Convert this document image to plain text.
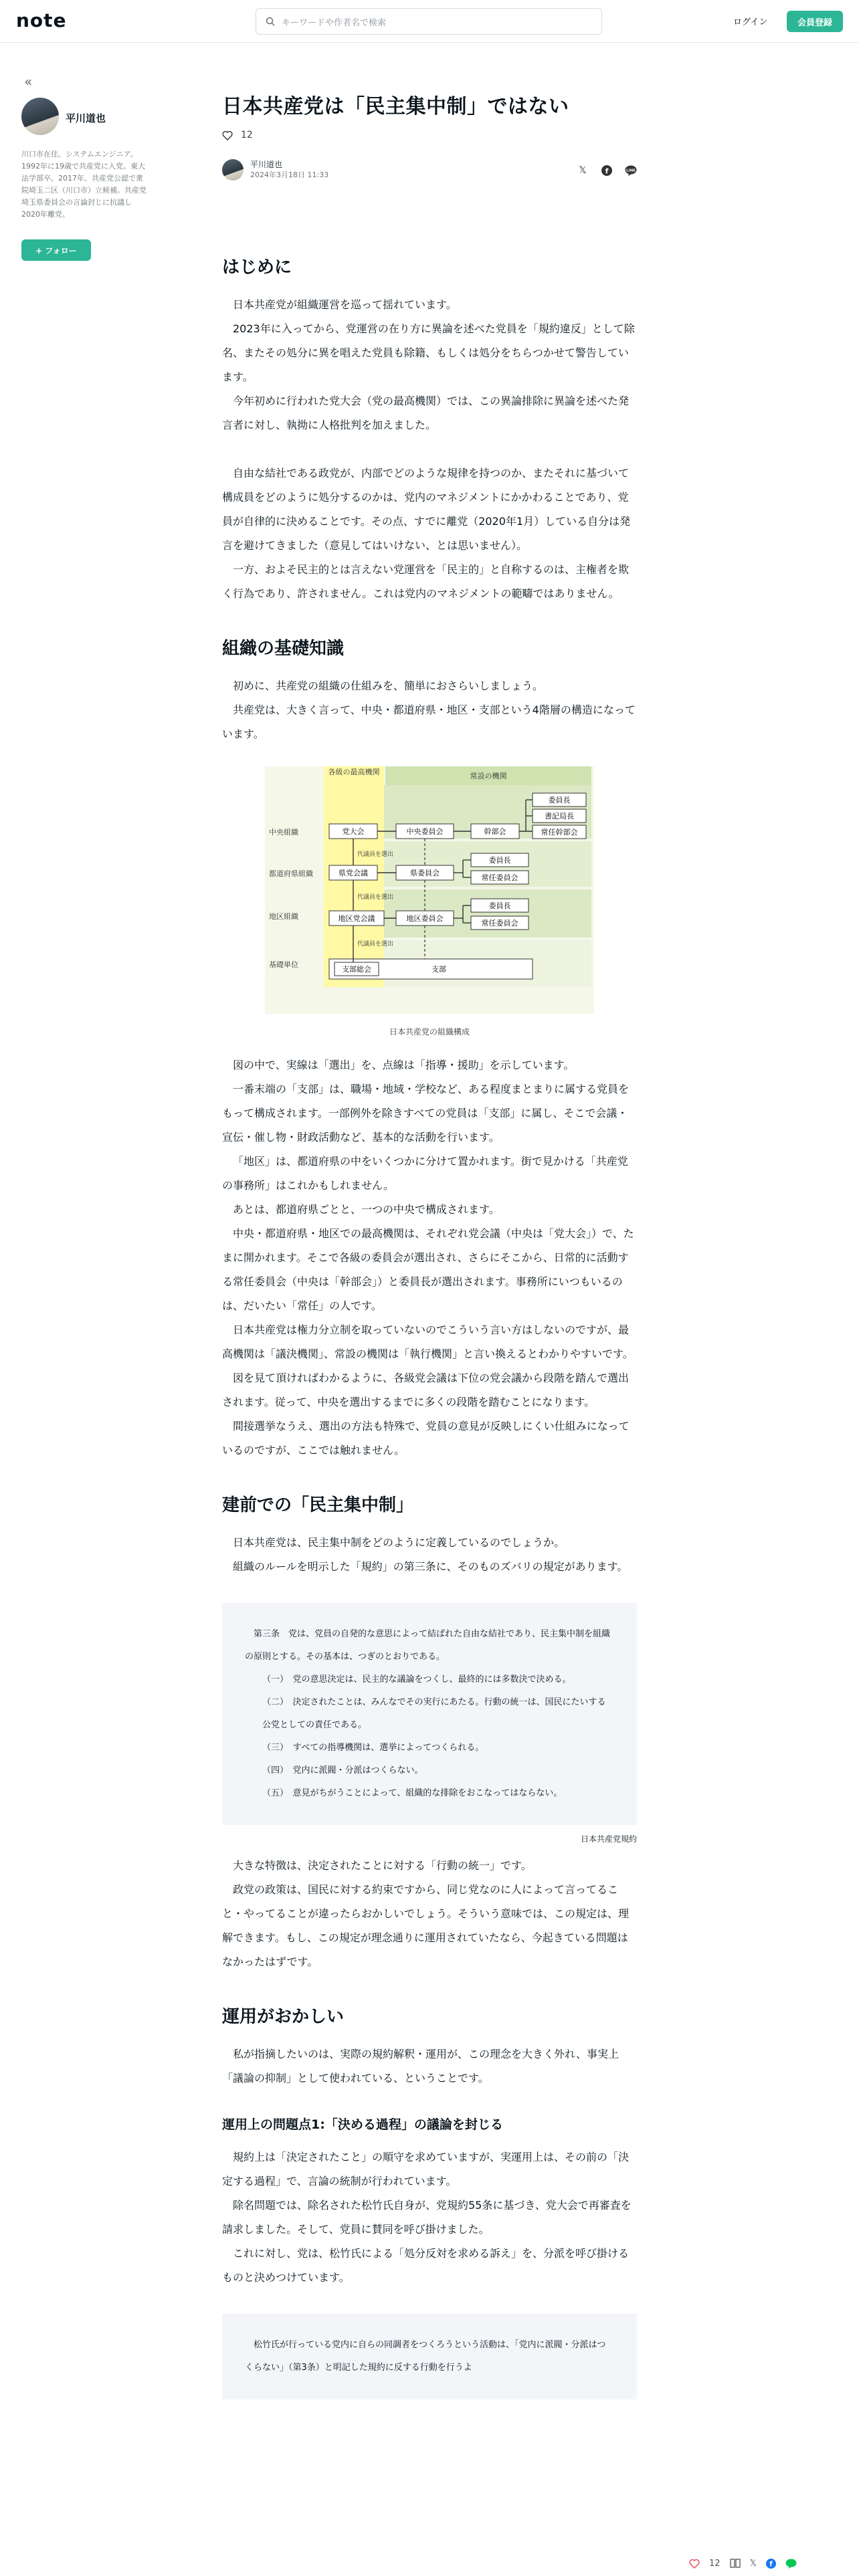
note	キーワードや作者名で検索	ログイン	会員登録
«
平川道也
川口市在住。システムエンジニア。1992年に19歳で共産党に入党。東大法学部卒。2017年、共産党公認で衆院埼玉二区（川口市）立候補。共産党埼玉県委員会の言論封じに抗議し2020年離党。
+ フォロー
日本共産党は「民主集中制」ではない
12
平川道也
2024年3月18日 11:33	𝕏	f	LINE
はじめに

日本共産党が組織運営を巡って揺れています。

2023年に入ってから、党運営の在り方に異論を述べた党員を「規約違反」として除名、またその処分に異を唱えた党員も除籍、もしくは処分をちらつかせて警告しています。

今年初めに行われた党大会（党の最高機関）では、この異論排除に異論を述べた発言者に対し、執拗に人格批判を加えました。

自由な結社である政党が、内部でどのような規律を持つのか、またそれに基づいて構成員をどのように処分するのかは、党内のマネジメントにかかわることであり、党員が自律的に決めることです。その点、すでに離党（2020年1月）している自分は発言を避けてきました（意見してはいけない、とは思いません）。

一方、およそ民主的とは言えない党運営を「民主的」と自称するのは、主権者を欺く行為であり、許されません。これは党内のマネジメントの範疇ではありません。

組織の基礎知識

初めに、共産党の組織の仕組みを、簡単におさらいしましょう。

共産党は、大きく言って、中央・都道府県・地区・支部という4階層の構造になっています。

各級の最高機関	常設の機関
中央組織
都道府県組織
地区組織
基礎単位
党大会	中央委員会	幹部会
委員長
書記局長
常任幹部会
県党会議	県委員会
委員長
常任委員会
地区党会議	地区委員会
委員長
常任委員会
支部総会	支部
代議員を選出
代議員を選出
代議員を選出
日本共産党の組織構成

図の中で、実線は「選出」を、点線は「指導・援助」を示しています。

一番末端の「支部」は、職場・地域・学校など、ある程度まとまりに属する党員をもって構成されます。一部例外を除きすべての党員は「支部」に属し、そこで会議・宣伝・催し物・財政活動など、基本的な活動を行います。

「地区」は、都道府県の中をいくつかに分けて置かれます。街で見かける「共産党の事務所」はこれかもしれません。

あとは、都道府県ごとと、一つの中央で構成されます。

中央・都道府県・地区での最高機関は、それぞれ党会議（中央は「党大会」）で、たまに開かれます。そこで各級の委員会が選出され、さらにそこから、日常的に活動する常任委員会（中央は「幹部会」）と委員長が選出されます。事務所にいつもいるのは、だいたい「常任」の人です。

日本共産党は権力分立制を取っていないのでこういう言い方はしないのですが、最高機関は「議決機関」、常設の機関は「執行機関」と言い換えるとわかりやすいです。

図を見て頂ければわかるように、各級党会議は下位の党会議から段階を踏んで選出されます。従って、中央を選出するまでに多くの段階を踏むことになります。

間接選挙なうえ、選出の方法も特殊で、党員の意見が反映しにくい仕組みになっているのですが、ここでは触れません。

建前での「民主集中制」

日本共産党は、民主集中制をどのように定義しているのでしょうか。

組織のルールを明示した「規約」の第三条に、そのものズバリの規定があります。

第三条　党は、党員の自発的な意思によって結ばれた自由な結社であり、民主集中制を組織の原則とする。その基本は、つぎのとおりである。

（一）　党の意思決定は、民主的な議論をつくし、最終的には多数決で決める。

（二）　決定されたことは、みんなでその実行にあたる。行動の統一は、国民にたいする公党としての責任である。

（三）　すべての指導機関は、選挙によってつくられる。

（四）　党内に派閥・分派はつくらない。

（五）　意見がちがうことによって、組織的な排除をおこなってはならない。

日本共産党規約

大きな特徴は、決定されたことに対する「行動の統一」です。

政党の政策は、国民に対する約束ですから、同じ党なのに人によって言ってること・やってることが違ったらおかしいでしょう。そういう意味では、この規定は、理解できます。もし、この規定が理念通りに運用されていたなら、今起きている問題はなかったはずです。

運用がおかしい

私が指摘したいのは、実際の規約解釈・運用が、この理念を大きく外れ、事実上「議論の抑制」として使われている、ということです。

運用上の問題点1:「決める過程」の議論を封じる

規約上は「決定されたこと」の順守を求めていますが、実運用上は、その前の「決定する過程」で、言論の統制が行われています。

除名問題では、除名された松竹氏自身が、党規約55条に基づき、党大会で再審査を請求しました。そして、党員に賛同を呼び掛けました。

これに対し、党は、松竹氏による「処分反対を求める訴え」を、分派を呼び掛けるものと決めつけています。

松竹氏が行っている党内に自らの同調者をつくろうという活動は、「党内に派閥・分派はつくらない」（第3条）と明記した規約に反する行動を行うよ

12	𝕏 f
